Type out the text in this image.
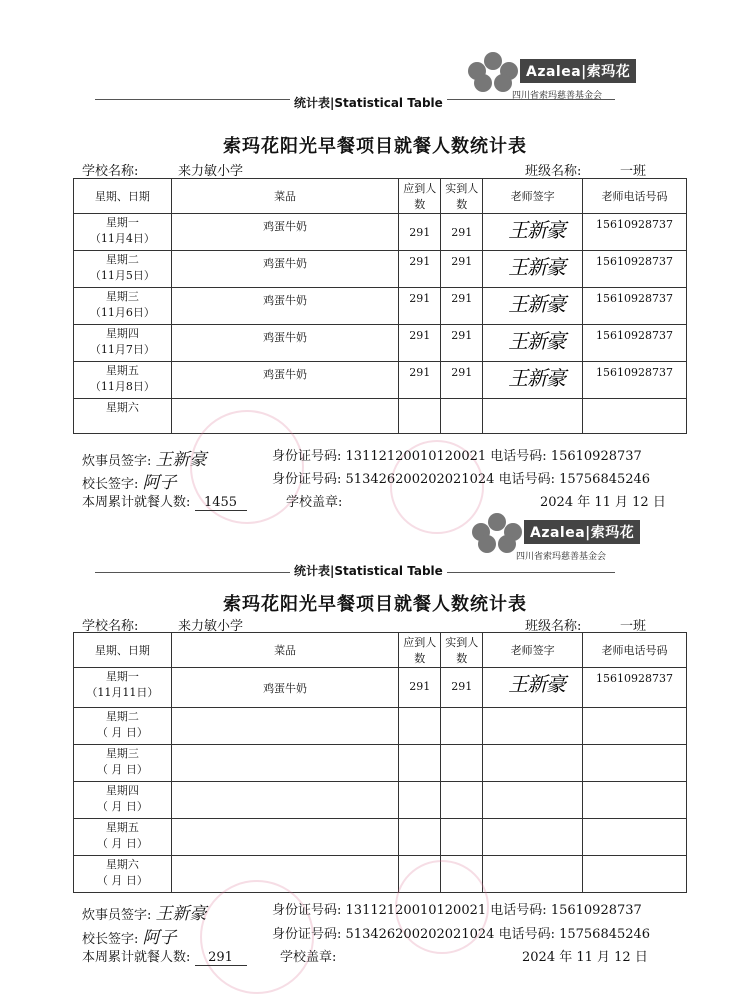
Azalea|索玛花
四川省索玛慈善基金会
统计表|Statistical Table
索玛花阳光早餐项目就餐人数统计表
学校名称:	来力敏小学	班级名称:	一班
星期、日期	菜品	应到人数	实到人数	老师签字	老师电话号码

星期一
（11月4日）	鸡蛋牛奶	291	291	王新豪	15610928737

星期二
（11月5日）	鸡蛋牛奶	291	291	王新豪	15610928737

星期三
（11月6日）	鸡蛋牛奶	291	291	王新豪	15610928737

星期四
（11月7日）	鸡蛋牛奶	291	291	王新豪	15610928737

星期五
（11月8日）	鸡蛋牛奶	291	291	王新豪	15610928737

星期六					

炊事员签字: 王新豪	身份证号码: 13112120010120021 电话号码: 15610928737
校长签字: 阿子	身份证号码: 513426200202021024 电话号码: 15756845246
本周累计就餐人数: 1455	学校盖章:	2024 年 11 月 12 日
Azalea|索玛花
四川省索玛慈善基金会
统计表|Statistical Table
索玛花阳光早餐项目就餐人数统计表
学校名称:	来力敏小学	班级名称:	一班
星期、日期	菜品	应到人数	实到人数	老师签字	老师电话号码

星期一
（11月11日）	鸡蛋牛奶	291	291	王新豪	15610928737

星期二
（ 月 日）					

星期三
（ 月 日）					

星期四
（ 月 日）					

星期五
（ 月 日）					

星期六
（ 月 日）					

炊事员签字: 王新豪	身份证号码: 13112120010120021 电话号码: 15610928737
校长签字: 阿子	身份证号码: 513426200202021024 电话号码: 15756845246
本周累计就餐人数: 291	学校盖章:	2024 年 11 月 12 日
